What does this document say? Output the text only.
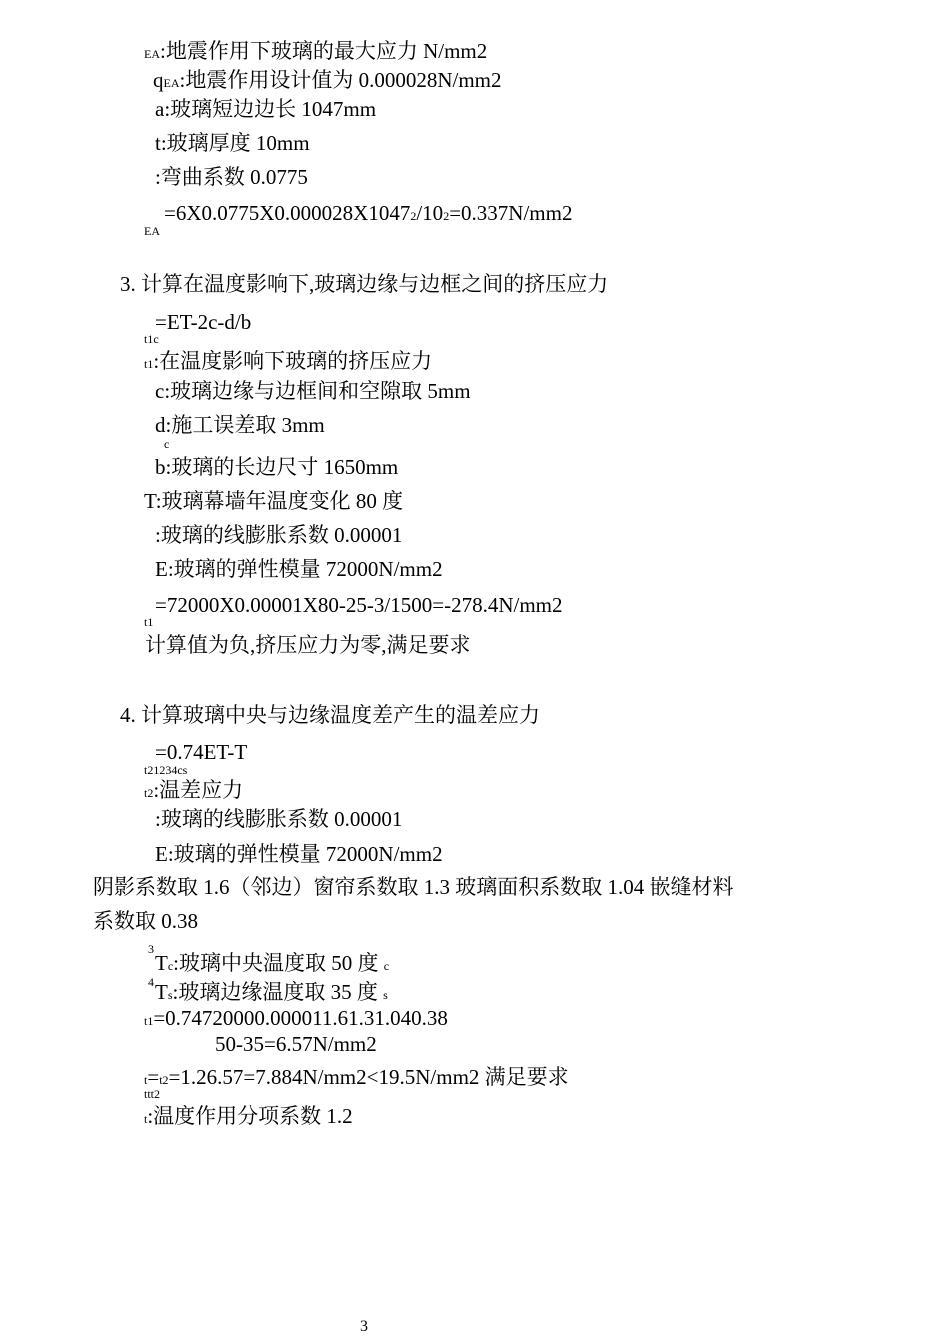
EA:地震作用下玻璃的最大应力 N/mm2
qEA:地震作用设计值为 0.000028N/mm2
a:玻璃短边边长 1047mm
t:玻璃厚度 10mm
:弯曲系数 0.0775
=6X0.0775X0.000028X10472/102=0.337N/mm2
EA
3. 计算在温度影响下,玻璃边缘与边框之间的挤压应力
=ET-2c-d/b
t1c
t1:在温度影响下玻璃的挤压应力
c:玻璃边缘与边框间和空隙取 5mm
d:施工误差取 3mm
c
b:玻璃的长边尺寸 1650mm
T:玻璃幕墙年温度变化 80 度
:玻璃的线膨胀系数 0.00001
E:玻璃的弹性模量 72000N/mm2
=72000X0.00001X80-25-3/1500=-278.4N/mm2
t1
计算值为负,挤压应力为零,满足要求
4. 计算玻璃中央与边缘温度差产生的温差应力
=0.74ET-T
t21234cs
t2:温差应力
:玻璃的线膨胀系数 0.00001
E:玻璃的弹性模量 72000N/mm2
阴影系数取 1.6（邻边）窗帘系数取 1.3 玻璃面积系数取 1.04 嵌缝材料
系数取 0.38
3
Tc:玻璃中央温度取 50 度 c
4 Ts:玻璃边缘温度取 35 度 s
t1=0.74720000.000011.61.31.040.38
50-35=6.57N/mm2
t=t2=1.26.57=7.884N/mm2<19.5N/mm2 满足要求
ttt2
t:温度作用分项系数 1.2
3
